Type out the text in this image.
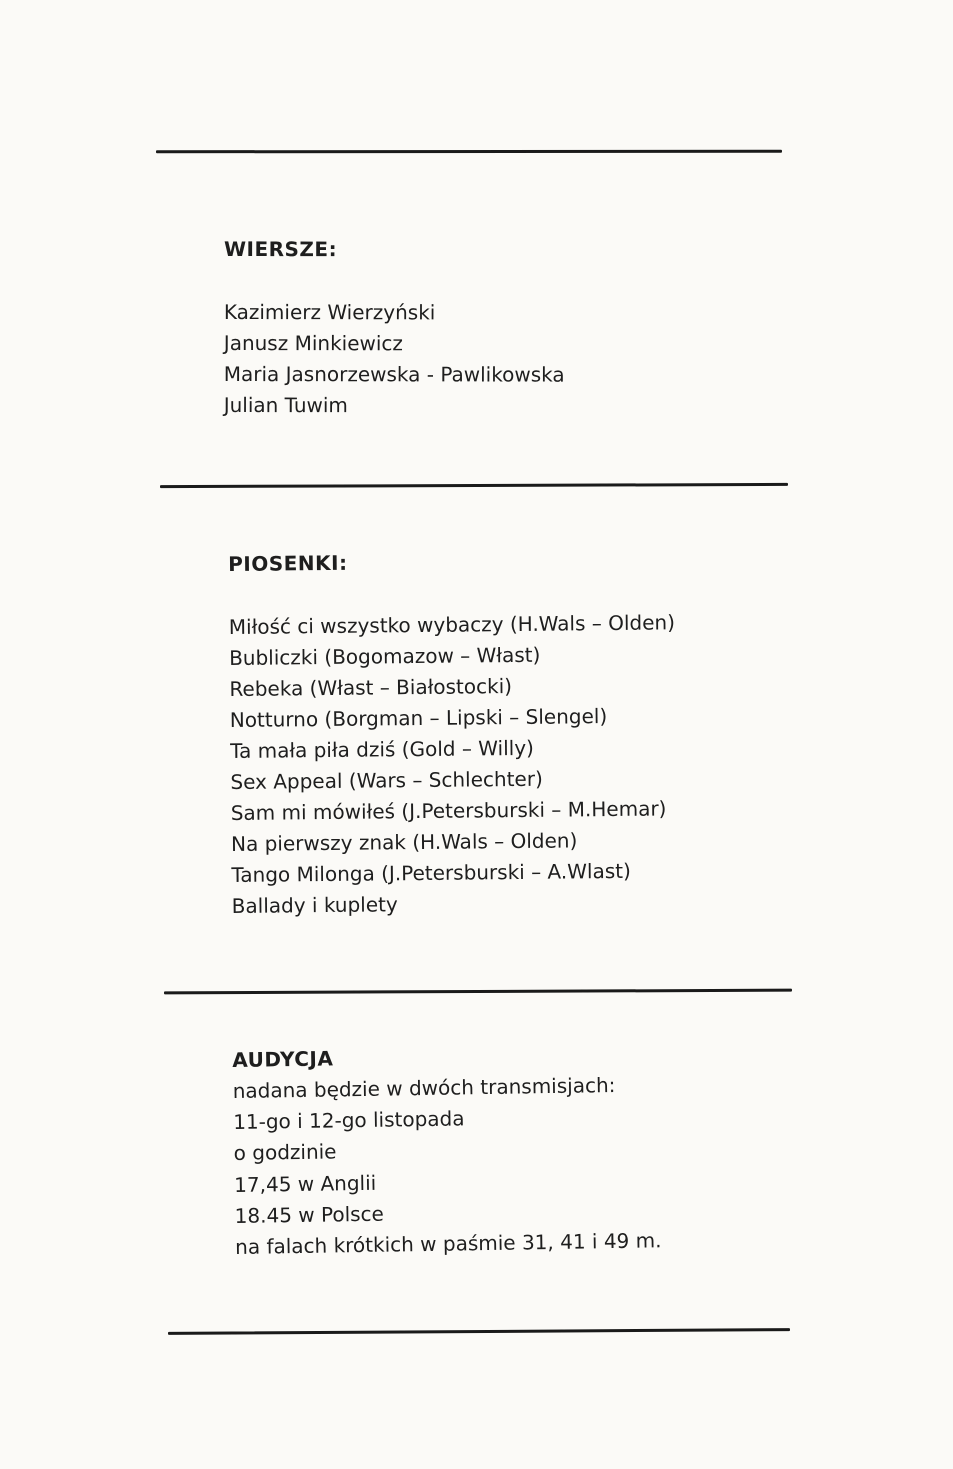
WIERSZE:
Kazimierz Wierzyński
Janusz Minkiewicz
Maria Jasnorzewska - Pawlikowska
Julian Tuwim
PIOSENKI:
Miłość ci wszystko wybaczy (H.Wals – Olden)
Bubliczki (Bogomazow – Włast)
Rebeka (Włast – Białostocki)
Notturno (Borgman – Lipski – Slengel)
Ta mała piła dziś (Gold – Willy)
Sex Appeal (Wars – Schlechter)
Sam mi mówiłeś (J.Petersburski – M.Hemar)
Na pierwszy znak (H.Wals – Olden)
Tango Milonga (J.Petersburski – A.Wlast)
Ballady i kuplety
AUDYCJA
nadana będzie w dwóch transmisjach:
11-go i 12-go listopada
o godzinie
17,45 w Anglii
18.45 w Polsce
na falach krótkich w paśmie 31, 41 i 49 m.
